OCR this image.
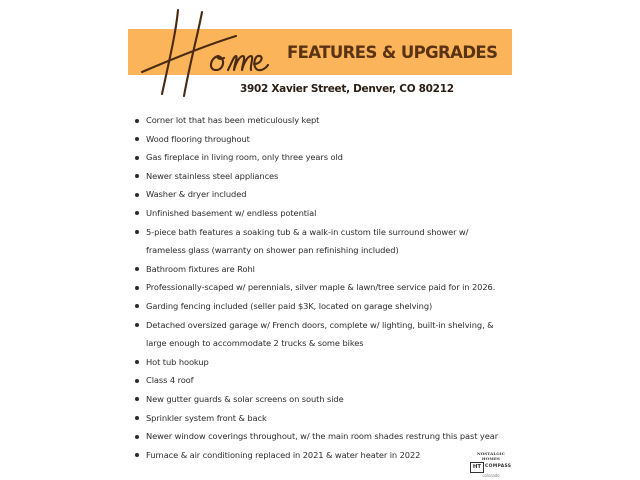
FEATURES & UPGRADES
3902 Xavier Street, Denver, CO 80212
Corner lot that has been meticulously kept
Wood flooring throughout
Gas fireplace in living room, only three years old
Newer stainless steel appliances
Washer & dryer included
Unfinished basement w/ endless potential
5-piece bath features a soaking tub & a walk-in custom tile surround shower w/ frameless glass (warranty on shower pan refinishing included)
Bathroom fixtures are Rohl
Professionally-scaped w/ perennials, silver maple & lawn/tree service paid for in 2026.
Garding fencing included (seller paid $3K, located on garage shelving)
Detached oversized garage w/ French doors, complete w/ lighting, built-in shelving, & large enough to accommodate 2 trucks & some bikes
Hot tub hookup
Class 4 roof
New gutter guards & solar screens on south side
Sprinkler system front & back
Newer window coverings throughout, w/ the main room shades restrung this past year
Furnace & air conditioning replaced in 2021 & water heater in 2022	NOSTALGIC
HOMES
HT COMPASS
colorado
